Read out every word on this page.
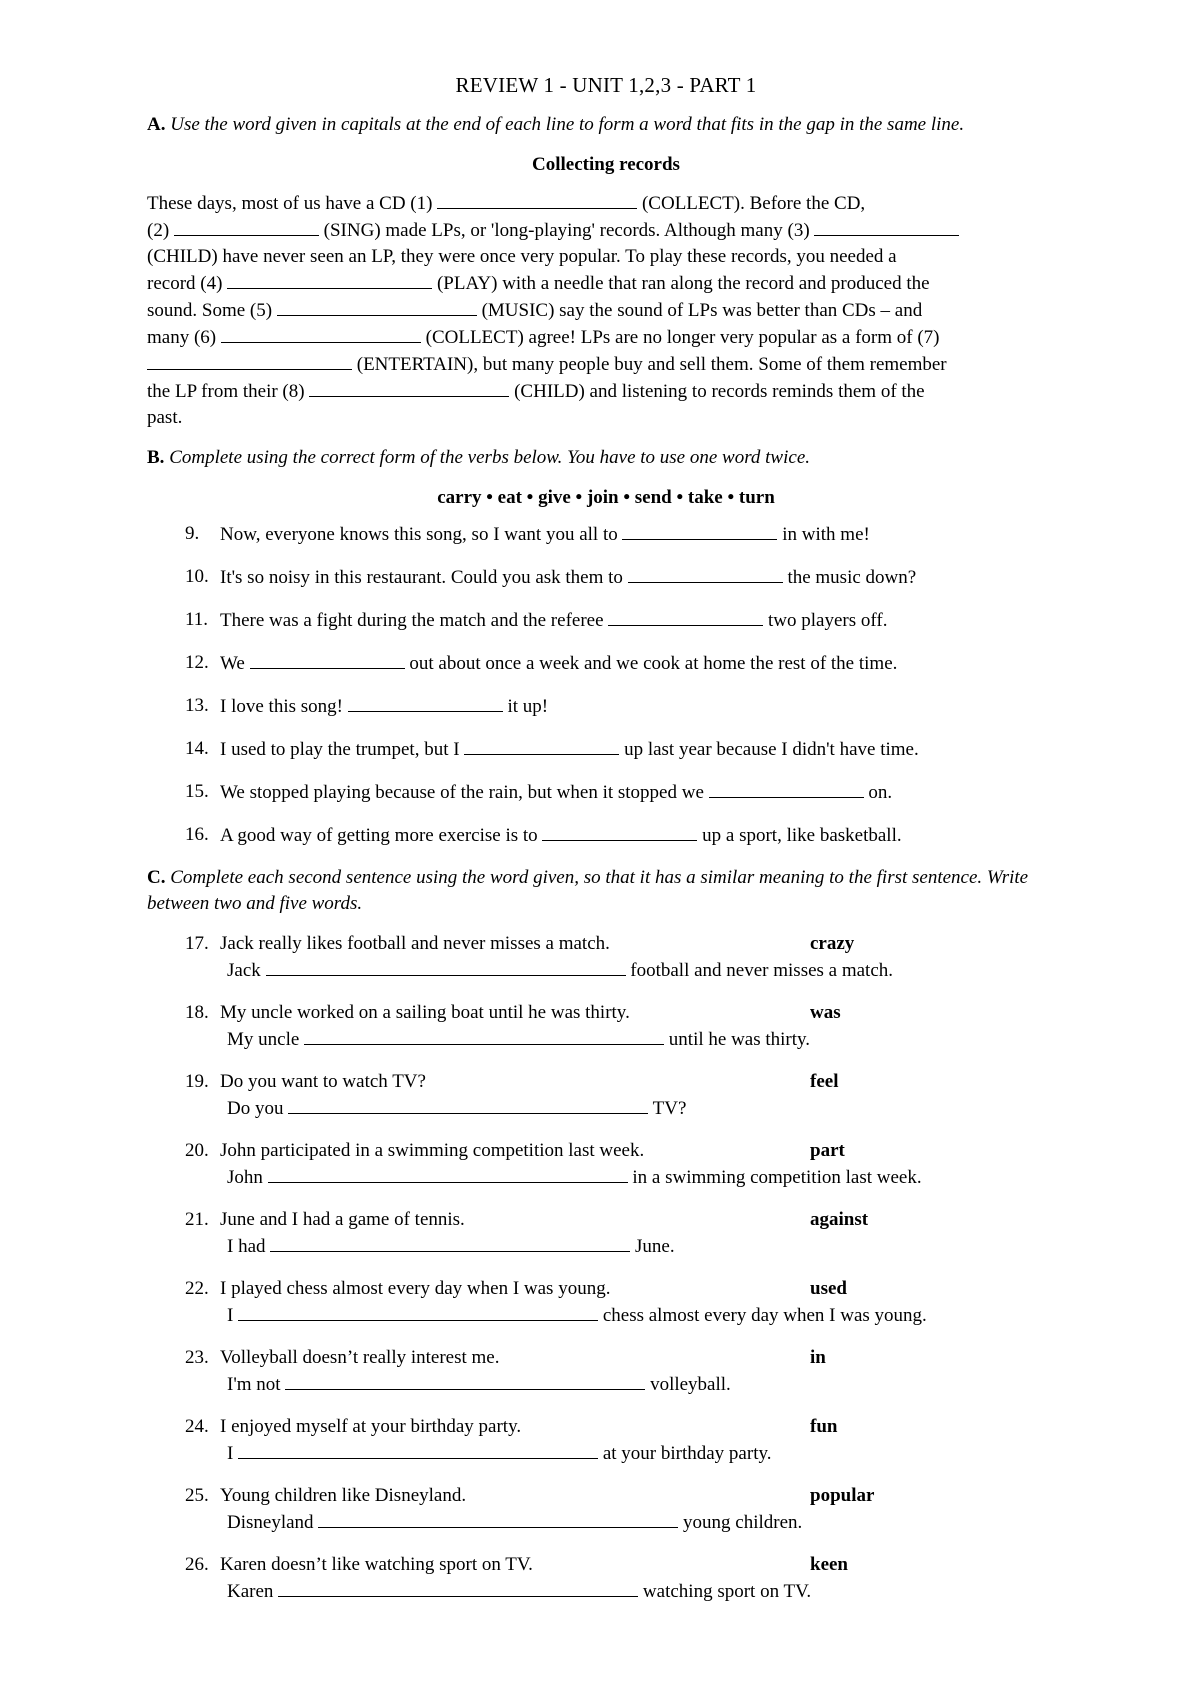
REVIEW 1 - UNIT 1,2,3 - PART 1
A. Use the word given in capitals at the end of each line to form a word that fits in the gap in the same line.
Collecting records

These days, most of us have a CD (1)	(COLLECT). Before the CD,

(2)	(SING) made LPs, or 'long-playing' records. Although many (3)

(CHILD) have never seen an LP, they were once very popular. To play these records, you needed a

record (4)	(PLAY) with a needle that ran along the record and produced the

sound. Some (5)	(MUSIC) say the sound of LPs was better than CDs – and

many (6)	(COLLECT) agree! LPs are no longer very popular as a form of (7)

(ENTERTAIN), but many people buy and sell them. Some of them remember

the LP from their (8)	(CHILD) and listening to records reminds them of the

past.

B. Complete using the correct form of the verbs below. You have to use one word twice.
carry • eat • give • join • send • take • turn
9.	Now, everyone knows this song, so I want you all to	in with me!
10. It's so noisy in this restaurant. Could you ask them to	the music down?
11. There was a fight during the match and the referee	two players off.
12. We	out about once a week and we cook at home the rest of the time.
13. I love this song!	it up!
14. I used to play the trumpet, but I	up last year because I didn't have time.
15. We stopped playing because of the rain, but when it stopped we	on.
16. A good way of getting more exercise is to	up a sport, like basketball.
C. Complete each second sentence using the word given, so that it has a similar meaning to the first sentence. Write between two and five words.
17. Jack really likes football and never misses a match.	crazy
Jack	football and never misses a match.
18. My uncle worked on a sailing boat until he was thirty.	was
My uncle	until he was thirty.
19. Do you want to watch TV?	feel
Do you	TV?
20. John participated in a swimming competition last week.	part
John	in a swimming competition last week.
21. June and I had a game of tennis.	against
I had	June.
22. I played chess almost every day when I was young.	used
I	chess almost every day when I was young.
23. Volleyball doesn’t really interest me.	in
I'm not	volleyball.
24. I enjoyed myself at your birthday party.	fun
I	at your birthday party.
25. Young children like Disneyland.	popular
Disneyland	young children.
26. Karen doesn’t like watching sport on TV.	keen
Karen	watching sport on TV.
